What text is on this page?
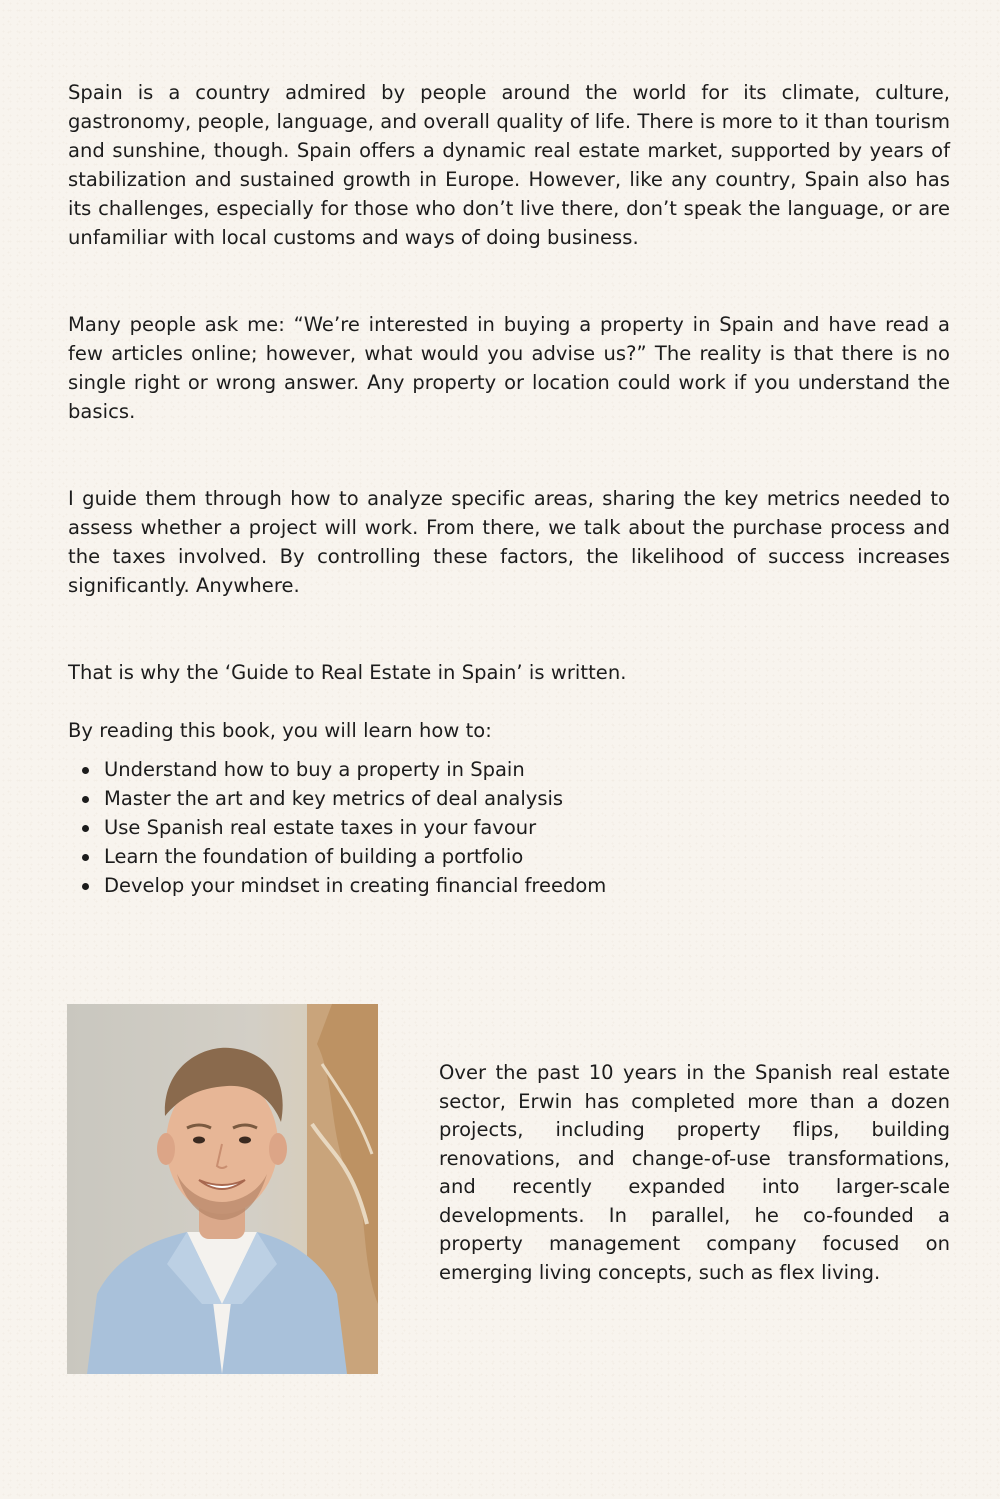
Spain is a country admired by people around the world for its climate, culture, gastronomy, people, language, and overall quality of life. There is more to it than tourism and sunshine, though. Spain offers a dynamic real estate market, supported by years of stabilization and sustained growth in Europe. However, like any country, Spain also has its challenges, especially for those who don’t live there, don’t speak the language, or are unfamiliar with local customs and ways of doing business.

Many people ask me: “We’re interested in buying a property in Spain and have read a few articles online; however, what would you advise us?” The reality is that there is no single right or wrong answer. Any property or location could work if you understand the basics.

I guide them through how to analyze specific areas, sharing the key metrics needed to assess whether a project will work. From there, we talk about the purchase process and the taxes involved. By controlling these factors, the likelihood of success increases significantly. Anywhere.

That is why the ‘Guide to Real Estate in Spain’ is written.

By reading this book, you will learn how to:

Understand how to buy a property in Spain
Master the art and key metrics of deal analysis
Use Spanish real estate taxes in your favour
Learn the foundation of building a portfolio
Develop your mindset in creating financial freedom

Over the past 10 years in the Spanish real estate sector, Erwin has completed more than a dozen projects, including property flips, building renovations, and change-of-use transformations, and recently expanded into larger-scale developments. In parallel, he co-founded a property management company focused on emerging living concepts, such as flex living.
